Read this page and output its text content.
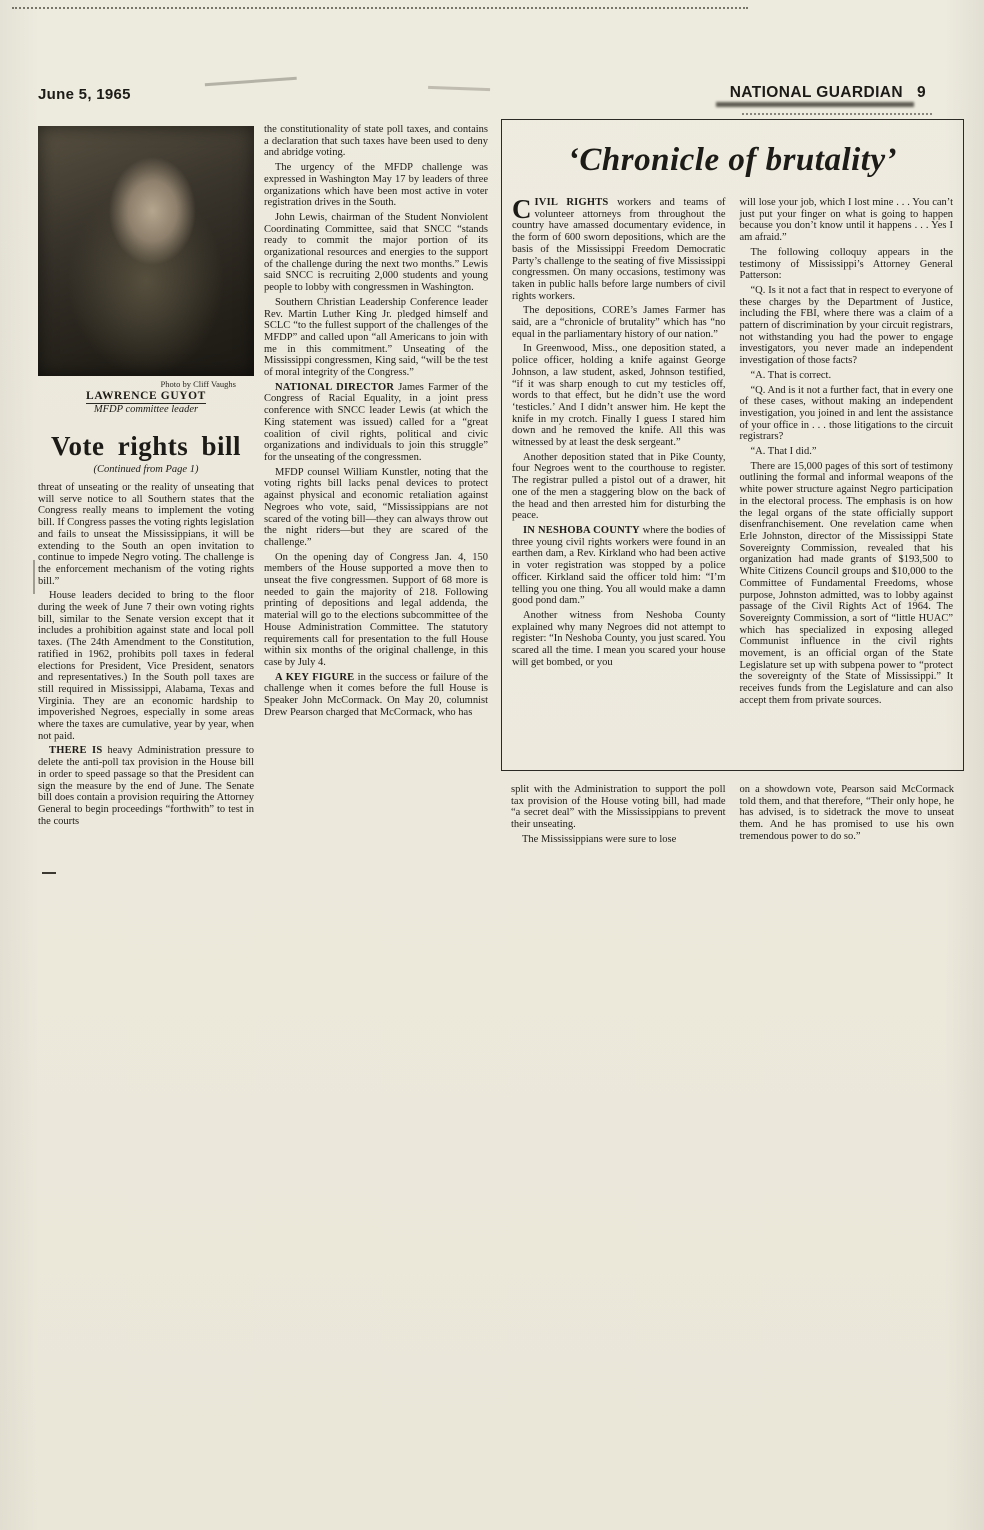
June 5, 1965	NATIONAL GUARDIAN 9
Photo by Cliff Vaughs
LAWRENCE GUYOT
MFDP committee leader
Vote rights bill
(Continued from Page 1)

threat of unseating or the reality of unseating that will serve notice to all Southern states that the Congress really means to implement the voting bill. If Congress passes the voting rights legislation and fails to unseat the Mississippians, it will be extending to the South an open invitation to continue to impede Negro voting. The challenge is the enforcement mechanism of the voting rights bill.”

House leaders decided to bring to the floor during the week of June 7 their own voting rights bill, similar to the Senate version except that it includes a prohibition against state and local poll taxes. (The 24th Amendment to the Constitution, ratified in 1962, prohibits poll taxes in federal elections for President, Vice President, senators and representatives.) In the South poll taxes are still required in Mississippi, Alabama, Texas and Virginia. They are an economic hardship to impoverished Negroes, especially in some areas where the taxes are cumulative, year by year, when not paid.

THERE IS heavy Administration pressure to delete the anti-poll tax provision in the House bill in order to speed passage so that the President can sign the measure by the end of June. The Senate bill does contain a provision requiring the Attorney General to begin proceedings “forthwith” to test in the courts

the constitutionality of state poll taxes, and contains a declaration that such taxes have been used to deny and abridge voting.

The urgency of the MFDP challenge was expressed in Washington May 17 by leaders of three organizations which have been most active in voter registration drives in the South.

John Lewis, chairman of the Student Nonviolent Coordinating Committee, said that SNCC “stands ready to commit the major portion of its organizational resources and energies to the support of the challenge during the next two months.” Lewis said SNCC is recruiting 2,000 students and young people to lobby with congressmen in Washington.

Southern Christian Leadership Conference leader Rev. Martin Luther King Jr. pledged himself and SCLC “to the fullest support of the challenges of the MFDP” and called upon “all Americans to join with me in this commitment.” Unseating of the Mississippi congressmen, King said, “will be the test of moral integrity of the Congress.”

NATIONAL DIRECTOR James Farmer of the Congress of Racial Equality, in a joint press conference with SNCC leader Lewis (at which the King statement was issued) called for a “great coalition of civil rights, political and civic organizations and individuals to join this struggle” for the unseating of the congressmen.

MFDP counsel William Kunstler, noting that the voting rights bill lacks penal devices to protect against physical and economic retaliation against Negroes who vote, said, “Mississippians are not scared of the voting bill—they can always throw out the night riders—but they are scared of the challenge.”

On the opening day of Congress Jan. 4, 150 members of the House supported a move then to unseat the five congressmen. Support of 68 more is needed to gain the majority of 218. Following printing of depositions and legal addenda, the material will go to the elections subcommittee of the House Administration Committee. The statutory requirements call for presentation to the full House within six months of the original challenge, in this case by July 4.

A KEY FIGURE in the success or failure of the challenge when it comes before the full House is Speaker John McCormack. On May 20, columnist Drew Pearson charged that McCormack, who has

‘Chronicle of brutality’

CIVIL RIGHTS workers and teams of volunteer attorneys from throughout the country have amassed documentary evidence, in the form of 600 sworn depositions, which are the basis of the Mississippi Freedom Democratic Party’s challenge to the seating of five Mississippi congressmen. On many occasions, testimony was taken in public halls before large numbers of civil rights workers.

The depositions, CORE’s James Farmer has said, are a “chronicle of brutality” which has “no equal in the parliamentary history of our nation.”

In Greenwood, Miss., one deposition stated, a police officer, holding a knife against George Johnson, a law student, asked, Johnson testified, “if it was sharp enough to cut my testicles off, words to that effect, but he didn’t use the word ‘testicles.’ And I didn’t answer him. He kept the knife in my crotch. Finally I guess I stared him down and he removed the knife. All this was witnessed by at least the desk sergeant.”

Another deposition stated that in Pike County, four Negroes went to the courthouse to register. The registrar pulled a pistol out of a drawer, hit one of the men a staggering blow on the back of the head and then arrested him for disturbing the peace.

IN NESHOBA COUNTY where the bodies of three young civil rights workers were found in an earthen dam, a Rev. Kirkland who had been active in voter registration was stopped by a police officer. Kirkland said the officer told him: “I’m telling you one thing. You all would make a damn good pond dam.”

Another witness from Neshoba County explained why many Negroes did not attempt to register: “In Neshoba County, you just scared. You scared all the time. I mean you scared your house will get bombed, or you

will lose your job, which I lost mine . . . You can’t just put your finger on what is going to happen because you don’t know until it happens . . . Yes I am afraid.”

The following colloquy appears in the testimony of Mississippi’s Attorney General Patterson:

“Q. Is it not a fact that in respect to everyone of these charges by the Department of Justice, including the FBI, where there was a claim of a pattern of discrimination by your circuit registrars, not withstanding you had the power to engage investigators, you never made an independent investigation of those facts?

“A. That is correct.

“Q. And is it not a further fact, that in every one of these cases, without making an independent investigation, you joined in and lent the assistance of your office in . . . those litigations to the circuit registrars?

“A. That I did.”

There are 15,000 pages of this sort of testimony outlining the formal and informal weapons of the white power structure against Negro participation in the electoral process. The emphasis is on how the legal organs of the state officially support disenfranchisement. One revelation came when Erle Johnston, director of the Mississippi State Sovereignty Commission, revealed that his organization had made grants of $193,500 to White Citizens Council groups and $10,000 to the Committee of Fundamental Freedoms, whose purpose, Johnston admitted, was to lobby against passage of the Civil Rights Act of 1964. The Sovereignty Commission, a sort of “little HUAC” which has specialized in exposing alleged Communist influence in the civil rights movement, is an official organ of the State Legislature set up with subpena power to “protect the sovereignty of the State of Mississippi.” It receives funds from the Legislature and can also accept them from private sources.

split with the Administration to support the poll tax provision of the House voting bill, had made “a secret deal” with the Mississippians to prevent their unseating.

The Mississippians were sure to lose

on a showdown vote, Pearson said McCormack told them, and that therefore, “Their only hope, he has advised, is to sidetrack the move to unseat them. And he has promised to use his own tremendous power to do so.”
